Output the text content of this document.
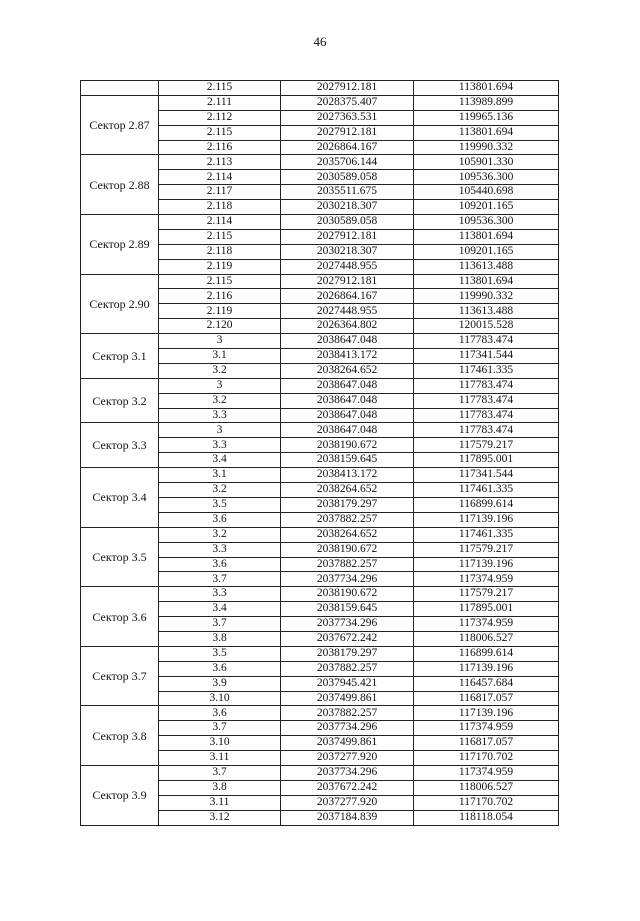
46
	2.115	2027912.181	113801.694
Сектор 2.87	2.111	2028375.407	113989.899
	2.112	2027363.531	119965.136
	2.115	2027912.181	113801.694
	2.116	2026864.167	119990.332
Сектор 2.88	2.113	2035706.144	105901.330
	2.114	2030589.058	109536.300
	2.117	2035511.675	105440.698
	2.118	2030218.307	109201.165
Сектор 2.89	2.114	2030589.058	109536.300
	2.115	2027912.181	113801.694
	2.118	2030218.307	109201.165
	2.119	2027448.955	113613.488
Сектор 2.90	2.115	2027912.181	113801.694
	2.116	2026864.167	119990.332
	2.119	2027448.955	113613.488
	2.120	2026364.802	120015.528
Сектор 3.1	3	2038647.048	117783.474
	3.1	2038413.172	117341.544
	3.2	2038264.652	117461.335
Сектор 3.2	3	2038647.048	117783.474
	3.2	2038647.048	117783.474
	3.3	2038647.048	117783.474
Сектор 3.3	3	2038647.048	117783.474
	3.3	2038190.672	117579.217
	3.4	2038159.645	117895.001
Сектор 3.4	3.1	2038413.172	117341.544
	3.2	2038264.652	117461.335
	3.5	2038179.297	116899.614
	3.6	2037882.257	117139.196
Сектор 3.5	3.2	2038264.652	117461.335
	3.3	2038190.672	117579.217
	3.6	2037882.257	117139.196
	3.7	2037734.296	117374.959
Сектор 3.6	3.3	2038190.672	117579.217
	3.4	2038159.645	117895.001
	3.7	2037734.296	117374.959
	3.8	2037672.242	118006.527
Сектор 3.7	3.5	2038179.297	116899.614
	3.6	2037882.257	117139.196
	3.9	2037945.421	116457.684
	3.10	2037499.861	116817.057
Сектор 3.8	3.6	2037882.257	117139.196
	3.7	2037734.296	117374.959
	3.10	2037499.861	116817.057
	3.11	2037277.920	117170.702
Сектор 3.9	3.7	2037734.296	117374.959
	3.8	2037672.242	118006.527
	3.11	2037277.920	117170.702
	3.12	2037184.839	118118.054
